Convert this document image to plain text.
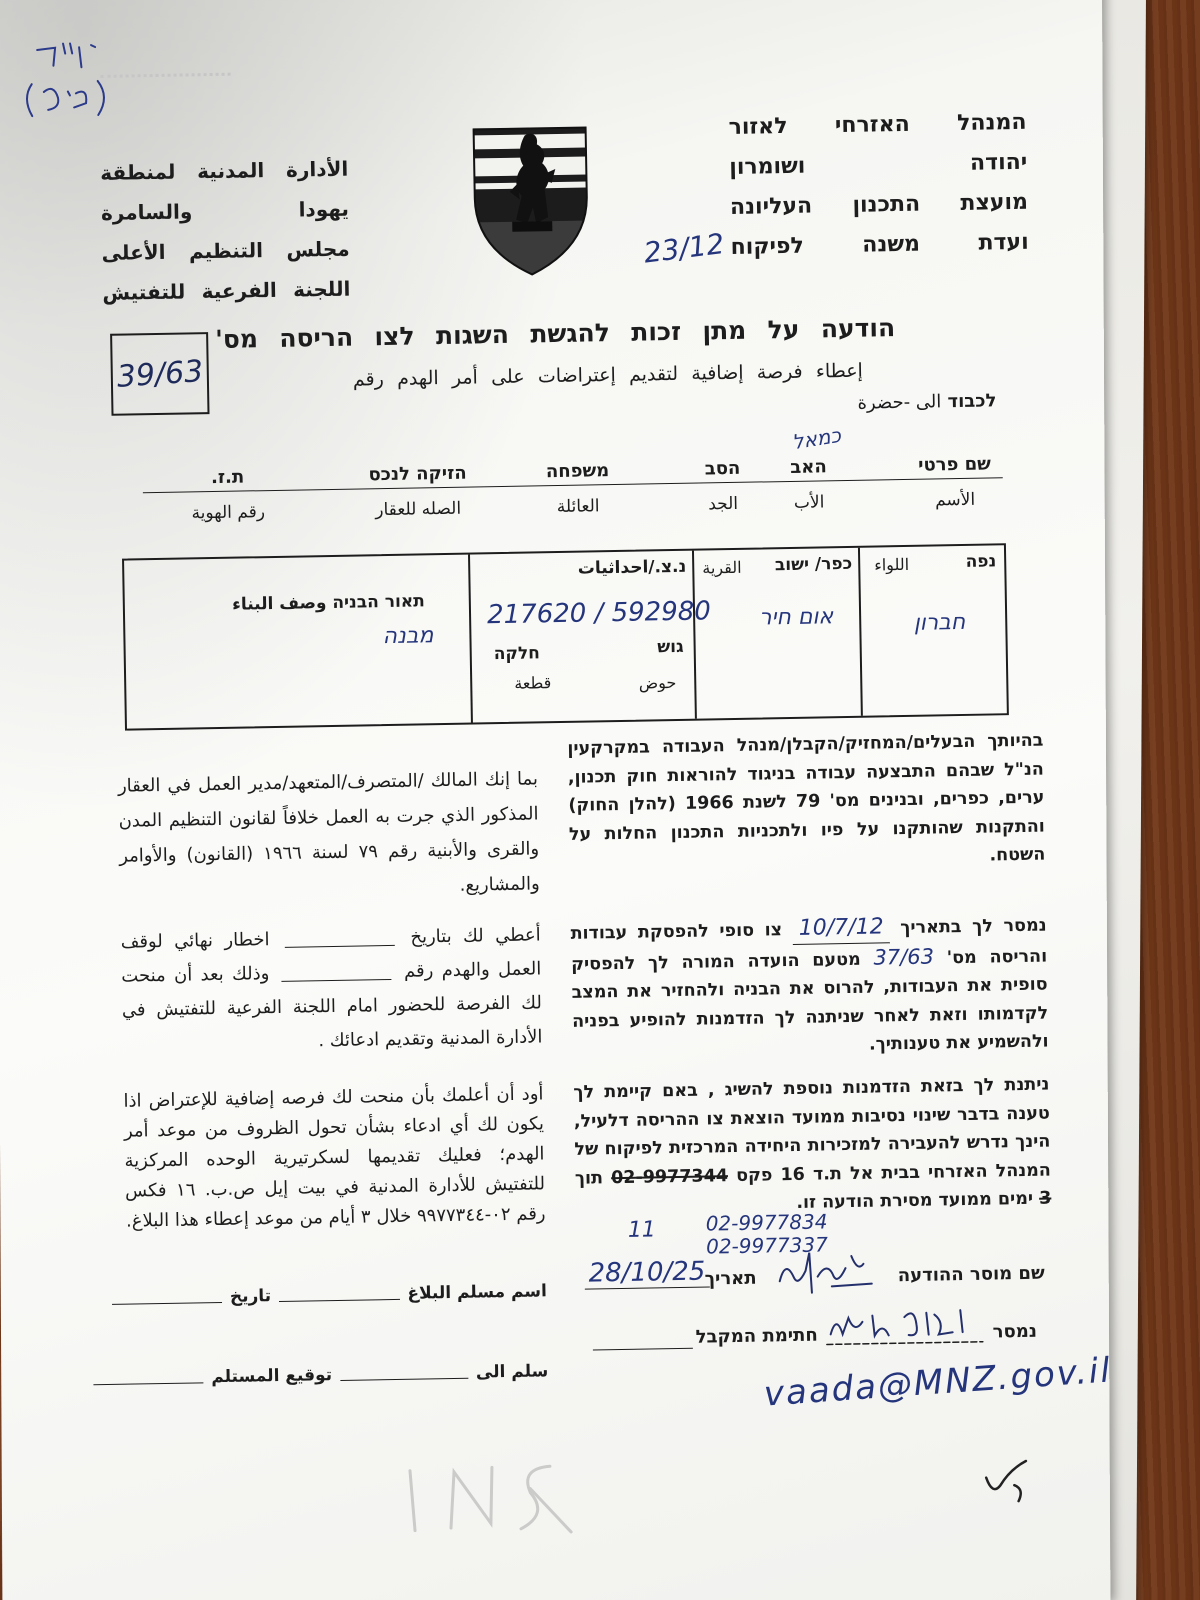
המנהל האזרחי לאזור
יהודה ושומרון
מועצת התכנון העליונה
ועדת משנה לפיקוח
23/12
الأدارة المدنية لمنطقة
يهودا والسامرة
مجلس التنظيم الأعلى
اللجنة الفرعية للتفتيش
39/63
הודעה על מתן זכות להגשת השגות לצו הריסה מס'
إعطاء فرصة إضافية لتقديم إعتراضات على أمر الهدم رقم
לכבוד الى -حضرة
כמאל
שם פרטי
الأسم
האב
الأب
הסב
الجد
משפחה
العائلة
הזיקה לנכס
الصله للعقار
ת.ז.
رقم الهوية
נפה
اللواء
חברון
כפר/ ישוב
القرية
אום חיר
נ.צ./احداثيات
217620 / 592980
גוש
חלקה
حوض
قطعة
תאור הבניה وصف البناء
מבנה
בהיותך הבעלים/המחזיק/הקבלן/מנהל העבודה במקרקעין הנ"ל שבהם התבצעה עבודה בניגוד להוראות חוק תכנון, ערים, כפרים, ובנינים מס' 79 לשנת 1966 (להלן החוק) והתקנות שהותקנו על פיו ולתכניות התכנון החלות על השטח.
נמסר לך בתאריך 10/7/12 צו סופי להפסקת עבודות והריסה מס' 37/63 מטעם הועדה המורה לך להפסיק סופית את העבודות, להרוס את הבניה ולהחזיר את המצב לקדמותו וזאת לאחר שניתנה לך הזדמנות להופיע בפניה ולהשמיע את טענותיך.
ניתנת לך בזאת הזדמנות נוספת להשיג , באם קיימת לך טענה בדבר שינוי נסיבות ממועד הוצאת צו ההריסה דלעיל, הינך נדרש להעבירה למזכירות היחידה המרכזית לפיקוח של המנהל האזרחי בבית אל ת.ד 16 פקס 02-9977344 תוך 3 ימים ממועד מסירת הודעה זו.
11 02-9977834
02-9977337
بما إنك المالك /المتصرف/المتعهد/مدير العمل في العقار المذكور الذي جرت به العمل خلافاً لقانون التنظيم المدن والقرى والأبنية رقم ٧٩ لسنة ١٩٦٦ (القانون) والأوامر والمشاريع.
أعطي لك بتاريخ  اخطار نهائي لوقف العمل والهدم رقم  وذلك بعد أن منحت لك الفرصة للحضور امام اللجنة الفرعية للتفتيش في الأدارة المدنية وتقديم ادعائك .
أود أن أعلمك بأن منحت لك فرصه إضافية للإعتراض اذا يكون لك أي ادعاء بشأن تحول الظروف من موعد أمر الهدم؛ فعليك تقديمها لسكرتيرية الوحده المركزية للتفتيش للأدارة المدنية في بيت إيل ص.ب. ١٦ فكس رقم ٠٢-٩٩٧٧٣٤٤ خلال ٣ أيام من موعد إعطاء هذا البلاغ.
اسم مسلم البلاغ
تاريخ
سلم الى
توقيع المستلم
שם מוסר ההודעה
תאריך
28/10/25
נמסר
חתימת המקבל
vaada@MNZ.gov.il
